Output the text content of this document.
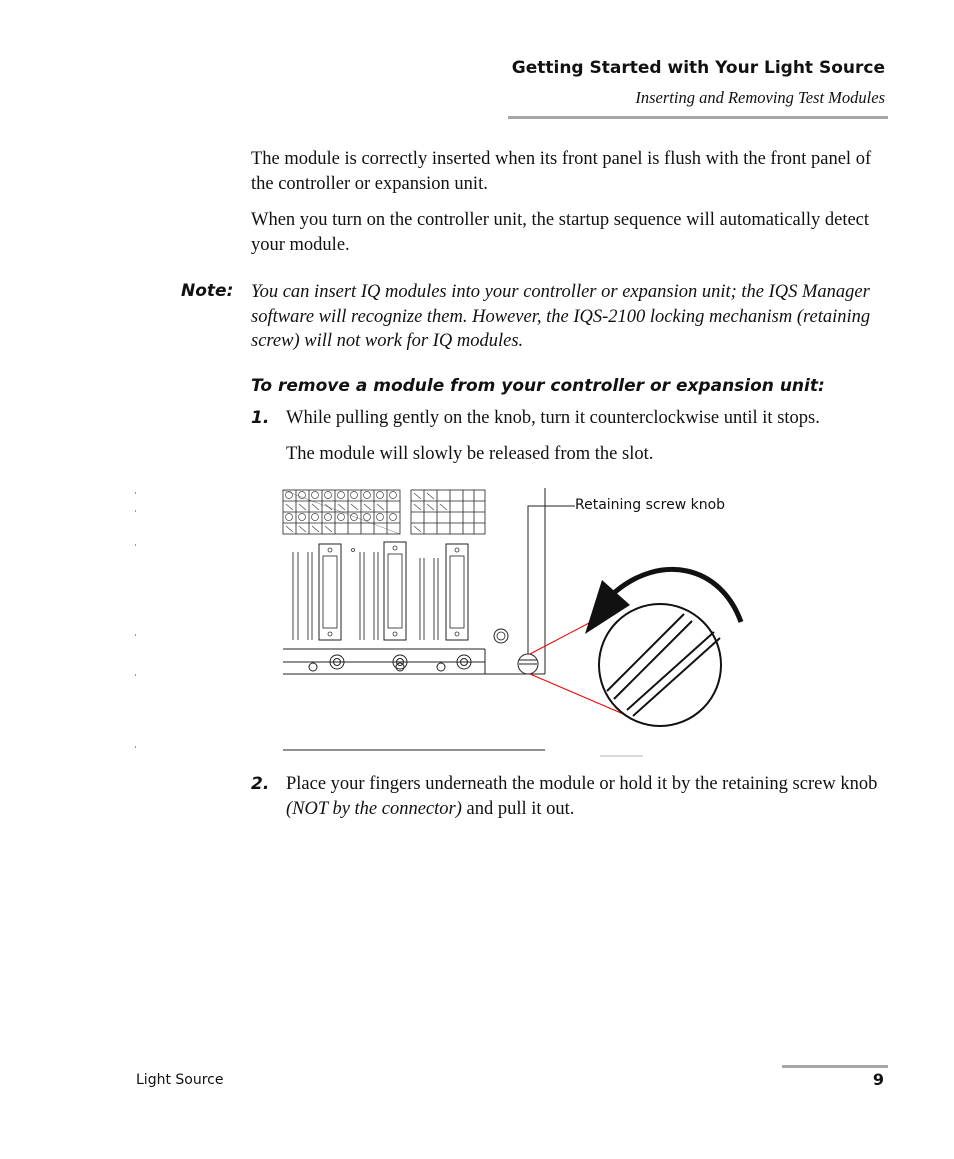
Getting Started with Your Light Source
Inserting and Removing Test Modules
The module is correctly inserted when its front panel is flush with the front panel of the controller or expansion unit.
When you turn on the controller unit, the startup sequence will automatically detect your module.
Note: You can insert IQ modules into your controller or expansion unit; the IQS Manager software will recognize them. However, the IQS-2100 locking mechanism (retaining screw) will not work for IQ modules.
To remove a module from your controller or expansion unit:
1. While pulling gently on the knob, turn it counterclockwise until it stops.
The module will slowly be released from the slot.
Retaining screw knob
2. Place your fingers underneath the module or hold it by the retaining screw knob (NOT by the connector) and pull it out.
Light Source	9
